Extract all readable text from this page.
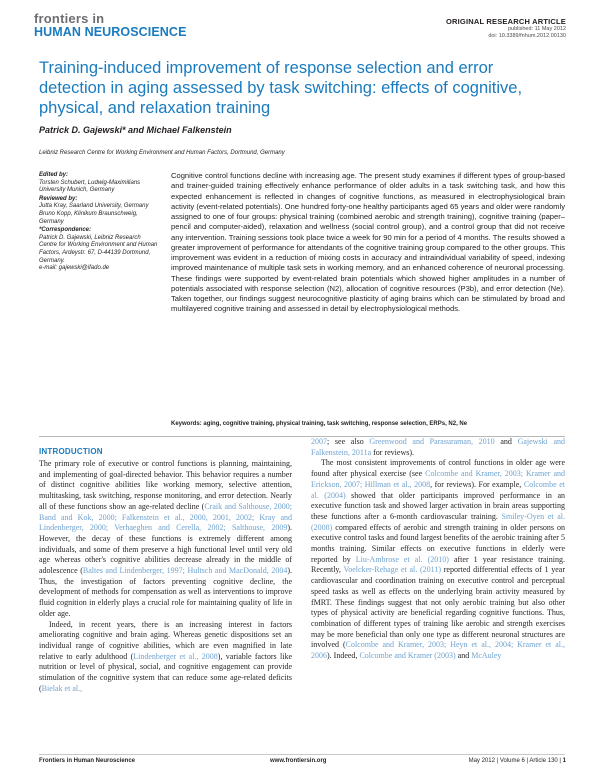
frontiers in
HUMAN NEUROSCIENCE
ORIGINAL RESEARCH ARTICLE
published: 11 May 2012
doi: 10.3389/fnhum.2012.00130
Training-induced improvement of response selection and error detection in aging assessed by task switching: effects of cognitive, physical, and relaxation training
Patrick D. Gajewski* and Michael Falkenstein
Leibniz Research Centre for Working Environment and Human Factors, Dortmund, Germany
Edited by:
Torsten Schubert, Ludwig-Maximilians University Munich, Germany
Reviewed by:
Jutta Kray, Saarland University, Germany
Bruno Kopp, Klinikum Braunschweig, Germany
*Correspondence:
Patrick D. Gajewski, Leibniz Research Centre for Working Environment and Human Factors, Ardeystr. 67, D-44139 Dortmund, Germany.
e-mail: gajewski@ifado.de
Cognitive control functions decline with increasing age. The present study examines if different types of group-based and trainer-guided training effectively enhance performance of older adults in a task switching task, and how this expected enhancement is reflected in changes of cognitive functions, as measured in electrophysiological brain activity (event-related potentials). One hundred forty-one healthy participants aged 65 years and older were randomly assigned to one of four groups: physical training (combined aerobic and strength training), cognitive training (paper–pencil and computer-aided), relaxation and wellness (social control group), and a control group that did not receive any intervention. Training sessions took place twice a week for 90 min for a period of 4 months. The results showed a greater improvement of performance for attendants of the cognitive training group compared to the other groups. This improvement was evident in a reduction of mixing costs in accuracy and intraindividual variability of speed, indexing improved maintenance of multiple task sets in working memory, and an enhanced coherence of neuronal processing. These findings were supported by event-related brain potentials which showed higher amplitudes in a number of potentials associated with response selection (N2), allocation of cognitive resources (P3b), and error detection (Ne). Taken together, our findings suggest neurocognitive plasticity of aging brains which can be stimulated by broad and multilayered cognitive training and assessed in detail by electrophysiological methods.
Keywords: aging, cognitive training, physical training, task switching, response selection, ERPs, N2, Ne
INTRODUCTION

The primary role of executive or control functions is planning, maintaining, and implementing of goal-directed behavior. This behavior requires a number of distinct cognitive abilities like working memory, selective attention, multitasking, task switching, response monitoring, and error detection. Nearly all of these functions show an age-related decline (Craik and Salthouse, 2000; Band and Kok, 2000; Falkenstein et al., 2000, 2001, 2002; Kray and Lindenberger, 2000; Verhaeghen and Cerella, 2002; Salthouse, 2009). However, the decay of these functions is extremely different among individuals, and some of them preserve a high functional level until very old age whereas other's cognitive abilities decrease already in the middle of adolescence (Baltes and Lindenberger, 1997; Hultsch and MacDonald, 2004). Thus, the investigation of factors preventing cognitive decline, the development of methods for compensation as well as interventions to improve fluid cognition in elderly plays a crucial role for maintaining quality of life in older age.

Indeed, in recent years, there is an increasing interest in factors ameliorating cognitive and brain aging. Whereas genetic dispositions set an individual range of cognitive abilities, which are even magnified in late relative to early adulthood (Lindenberger et al., 2008), variable factors like nutrition or level of physical, social, and cognitive engagement can provide stimulation of the cognitive system that can reduce some age-related deficits (Bielak et al.,

2007; see also Greenwood and Parasuraman, 2010 and Gajewski and Falkenstein, 2011a for reviews).

The most consistent improvements of control functions in older age were found after physical exercise (see Colcombe and Kramer, 2003; Kramer and Erickson, 2007; Hillman et al., 2008, for reviews). For example, Colcombe et al. (2004) showed that older participants improved performance in an executive function task and showed larger activation in brain areas supporting these functions after a 6-month cardiovascular training. Smiley-Oyen et al. (2008) compared effects of aerobic and strength training in older persons on executive control tasks and found largest benefits of the aerobic training after 5 months training. Similar effects on executive functions in elderly were reported by Liu-Ambrose et al. (2010) after 1 year resistance training. Recently, Voelcker-Rehage et al. (2011) reported differential effects of 1 year cardiovascular and coordination training on executive control and perceptual speed tasks as well as effects on the underlying brain activity measured by fMRT. These findings suggest that not only aerobic training but also other types of physical activity are beneficial regarding cognitive functions. Thus, combination of different types of training like aerobic and strength exercises may be more beneficial than only one type as different neuronal structures are involved (Colcombe and Kramer, 2003; Heyn et al., 2004; Kramer et al., 2006). Indeed, Colcombe and Kramer (2003) and McAuley

Frontiers in Human Neuroscience	www.frontiersin.org	May 2012 | Volume 6 | Article 130 | 1
